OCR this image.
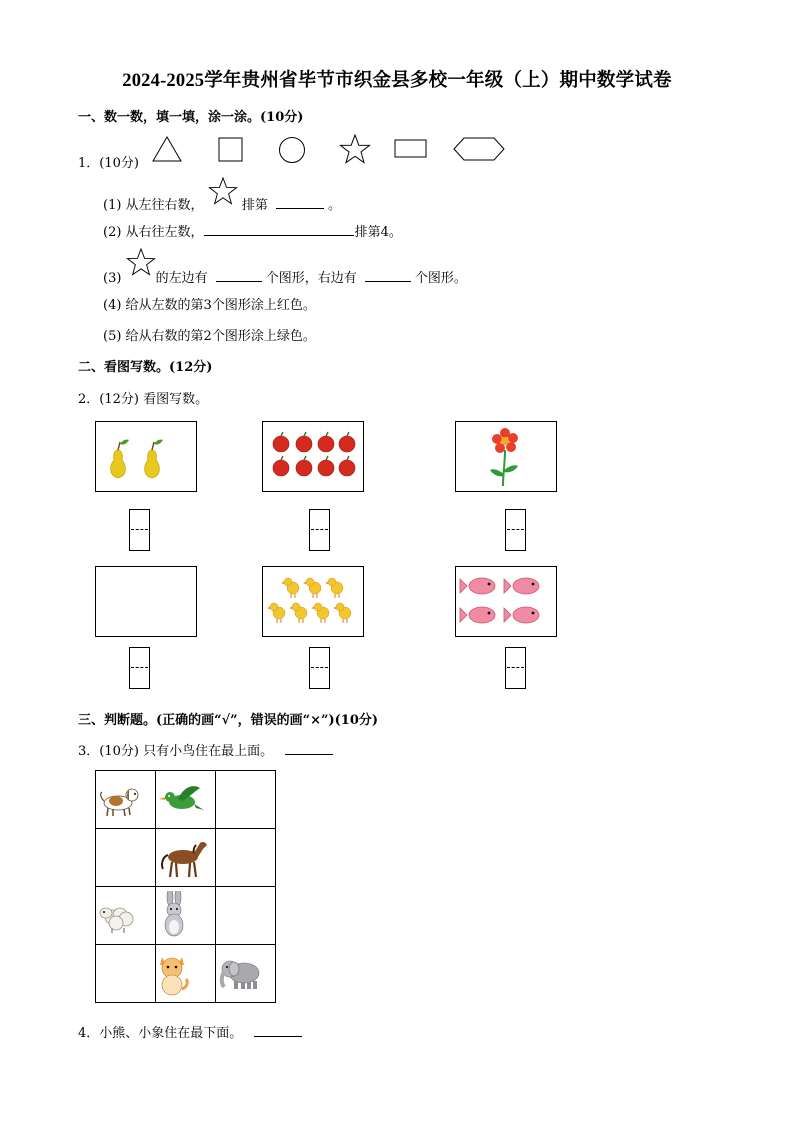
2024-2025学年贵州省毕节市织金县多校一年级（上）期中数学试卷
一、数一数，填一填，涂一涂。(10分)
1．(10分)
(1) 从左往右数，	排第	。
(2) 从右往左数，	排第4。
(3)	的左边有	个图形，右边有	个图形。
(4) 给从左数的第3个图形涂上红色。
(5) 给从右数的第2个图形涂上绿色。
二、看图写数。(12分)
2．(12分) 看图写数。
三、判断题。(正确的画“√”，错误的画“×”)(10分)
3．(10分) 只有小鸟住在最上面。

4．小熊、小象住在最下面。
